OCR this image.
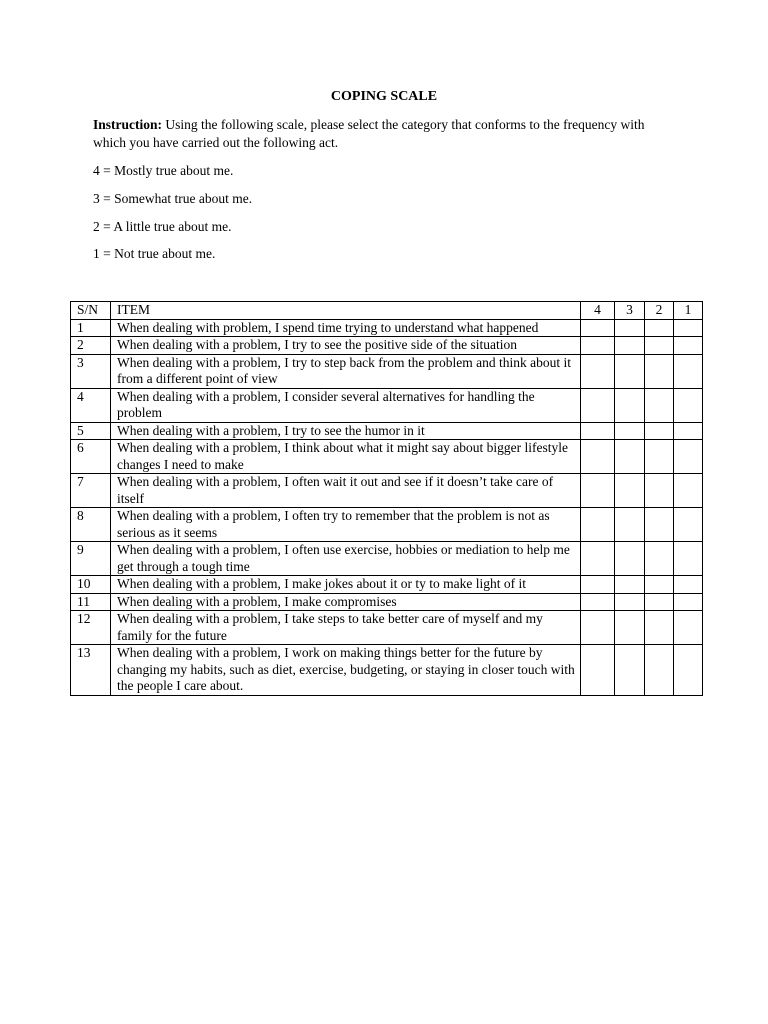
COPING SCALE

Instruction: Using the following scale, please select the category that conforms to the frequency with which you have carried out the following act.

4 = Mostly true about me.

3 = Somewhat true about me.

2 = A little true about me.

1 = Not true about me.

S/N	ITEM	4	3	2	1
1	When dealing with problem, I spend time trying to understand what happened				
2	When dealing with a problem, I try to see the positive side of the situation				
3	When dealing with a problem, I try to step back from the problem and think about it from a different point of view				
4	When dealing with a problem, I consider several alternatives for handling the problem				
5	When dealing with a problem, I try to see the humor in it				
6	When dealing with a problem, I think about what it might say about bigger lifestyle changes I need to make				
7	When dealing with a problem, I often wait it out and see if it doesn’t take care of itself				
8	When dealing with a problem, I often try to remember that the problem is not as serious as it seems				
9	When dealing with a problem, I often use exercise, hobbies or mediation to help me get through a tough time				
10	When dealing with a problem, I make jokes about it or ty to make light of it				
11	When dealing with a problem, I make compromises				
12	When dealing with a problem, I take steps to take better care of myself and my family for the future				
13	When dealing with a problem, I work on making things better for the future by changing my habits, such as diet, exercise, budgeting, or staying in closer touch with the people I care about.				
